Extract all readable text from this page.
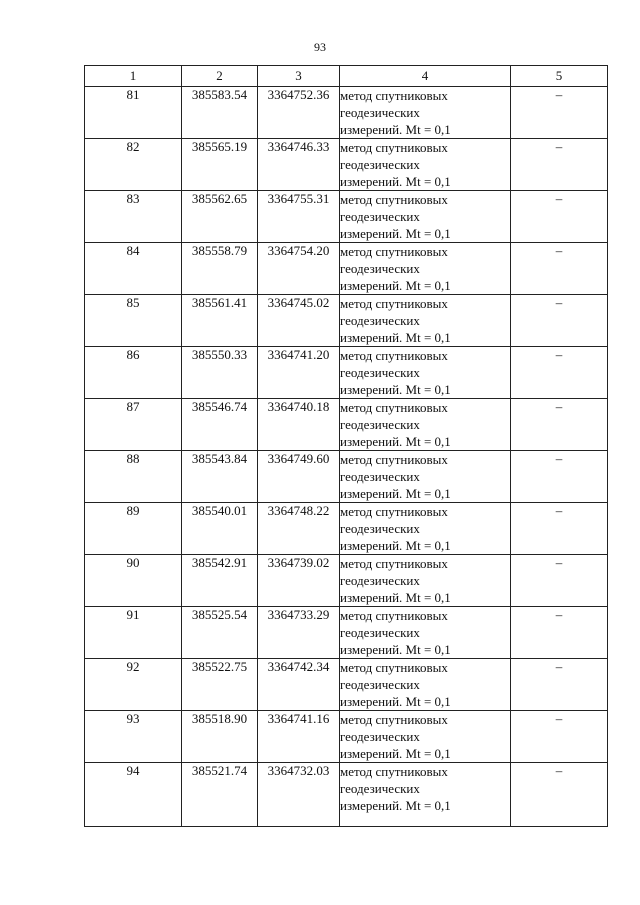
93
1	2	3	4	5
81	385583.54	3364752.36	метод спутниковых
геодезических
измерений. Mt = 0,1	–
82	385565.19	3364746.33	метод спутниковых
геодезических
измерений. Mt = 0,1	–
83	385562.65	3364755.31	метод спутниковых
геодезических
измерений. Mt = 0,1	–
84	385558.79	3364754.20	метод спутниковых
геодезических
измерений. Mt = 0,1	–
85	385561.41	3364745.02	метод спутниковых
геодезических
измерений. Mt = 0,1	–
86	385550.33	3364741.20	метод спутниковых
геодезических
измерений. Mt = 0,1	–
87	385546.74	3364740.18	метод спутниковых
геодезических
измерений. Mt = 0,1	–
88	385543.84	3364749.60	метод спутниковых
геодезических
измерений. Mt = 0,1	–
89	385540.01	3364748.22	метод спутниковых
геодезических
измерений. Mt = 0,1	–
90	385542.91	3364739.02	метод спутниковых
геодезических
измерений. Mt = 0,1	–
91	385525.54	3364733.29	метод спутниковых
геодезических
измерений. Mt = 0,1	–
92	385522.75	3364742.34	метод спутниковых
геодезических
измерений. Mt = 0,1	–
93	385518.90	3364741.16	метод спутниковых
геодезических
измерений. Mt = 0,1	–
94	385521.74	3364732.03	метод спутниковых
геодезических
измерений. Mt = 0,1	–
